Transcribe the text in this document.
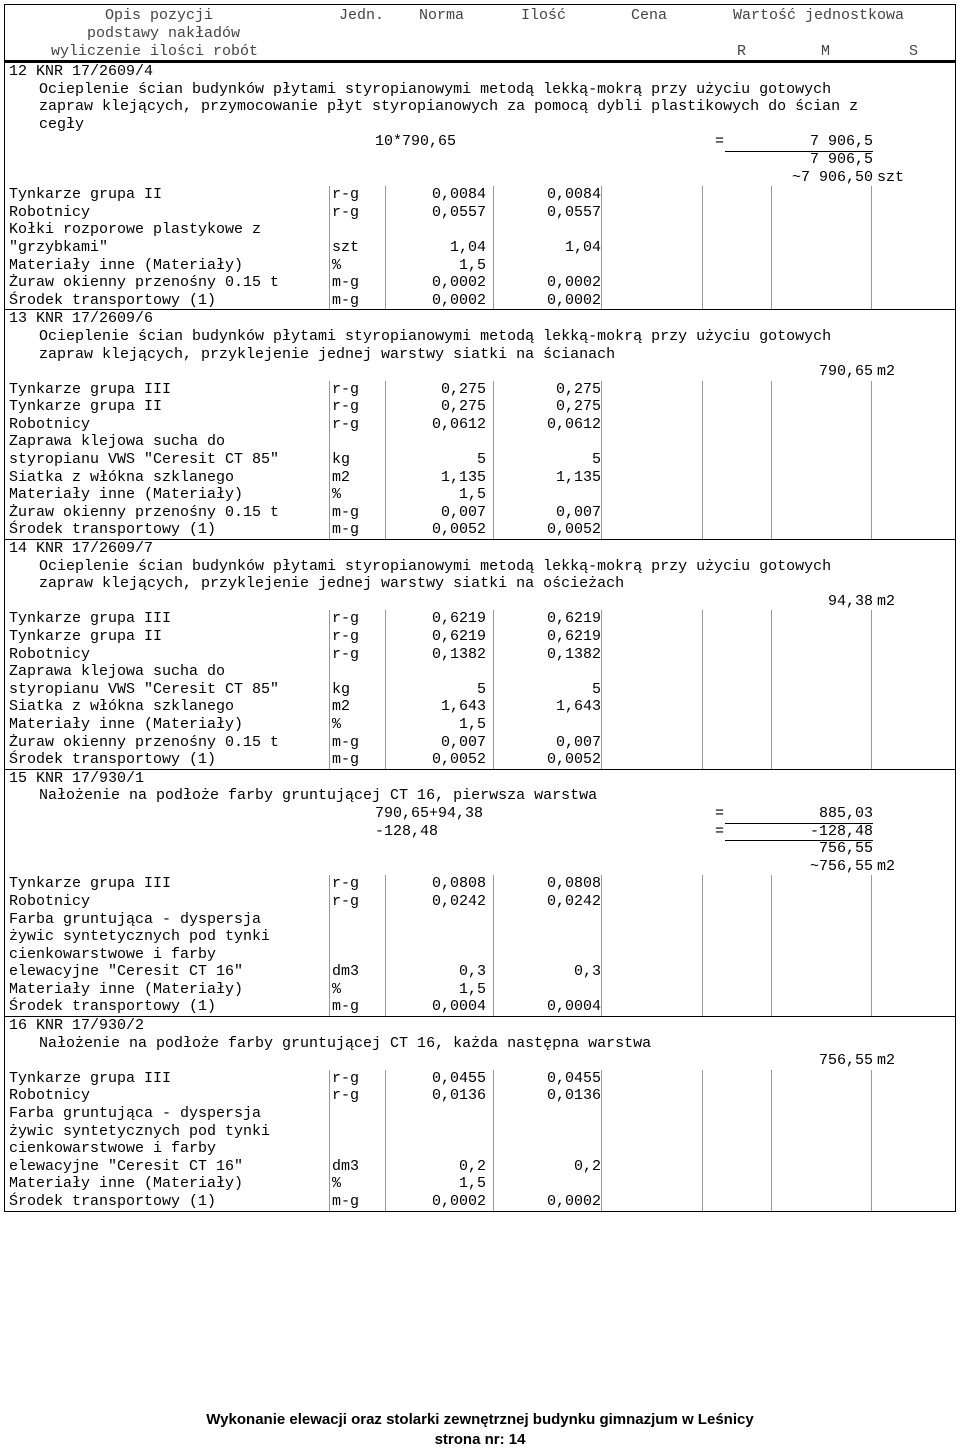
Opis pozycji
podstawy nakładów
wyliczenie ilości robót
Jedn. Norma	Ilość	Cena	Wartość jednostkowa
R	M	S
12 KNR 17/2609/4
Ocieplenie ścian budynków płytami styropianowymi metodą lekką-mokrą przy użyciu gotowych
zapraw klejących, przymocowanie płyt styropianowych za pomocą dybli plastikowych do ścian z
cegły
10*790,65	=	7 906,5
7 906,5
~7 906,50 szt
Tynkarze grupa II	r-g	0,0084	0,0084
Robotnicy	r-g	0,0557	0,0557
Kołki rozporowe plastykowe z
"grzybkami"	szt	1,04	1,04
Materiały inne (Materiały)	%	1,5
Żuraw okienny przenośny 0.15 t	m-g	0,0002	0,0002
Środek transportowy (1)	m-g	0,0002	0,0002
13 KNR 17/2609/6
Ocieplenie ścian budynków płytami styropianowymi metodą lekką-mokrą przy użyciu gotowych
zapraw klejących, przyklejenie jednej warstwy siatki na ścianach
790,65 m2
Tynkarze grupa III	r-g	0,275	0,275
Tynkarze grupa II	r-g	0,275	0,275
Robotnicy	r-g	0,0612	0,0612
Zaprawa klejowa sucha do
styropianu VWS "Ceresit CT 85"	kg	5	5
Siatka z włókna szklanego	m2	1,135	1,135
Materiały inne (Materiały)	%	1,5
Żuraw okienny przenośny 0.15 t	m-g	0,007	0,007
Środek transportowy (1)	m-g	0,0052	0,0052
14 KNR 17/2609/7
Ocieplenie ścian budynków płytami styropianowymi metodą lekką-mokrą przy użyciu gotowych
zapraw klejących, przyklejenie jednej warstwy siatki na ościeżach
94,38 m2
Tynkarze grupa III	r-g	0,6219	0,6219
Tynkarze grupa II	r-g	0,6219	0,6219
Robotnicy	r-g	0,1382	0,1382
Zaprawa klejowa sucha do
styropianu VWS "Ceresit CT 85"	kg	5	5
Siatka z włókna szklanego	m2	1,643	1,643
Materiały inne (Materiały)	%	1,5
Żuraw okienny przenośny 0.15 t	m-g	0,007	0,007
Środek transportowy (1)	m-g	0,0052	0,0052
15 KNR 17/930/1
Nałożenie na podłoże farby gruntującej CT 16, pierwsza warstwa
790,65+94,38	=	885,03
-128,48	=	-128,48
756,55
~756,55 m2
Tynkarze grupa III	r-g	0,0808	0,0808
Robotnicy	r-g	0,0242	0,0242
Farba gruntująca - dyspersja
żywic syntetycznych pod tynki
cienkowarstwowe i farby
elewacyjne "Ceresit CT 16"	dm3	0,3	0,3
Materiały inne (Materiały)	%	1,5
Środek transportowy (1)	m-g	0,0004	0,0004
16 KNR 17/930/2
Nałożenie na podłoże farby gruntującej CT 16, każda następna warstwa
756,55 m2
Tynkarze grupa III	r-g	0,0455	0,0455
Robotnicy	r-g	0,0136	0,0136
Farba gruntująca - dyspersja
żywic syntetycznych pod tynki
cienkowarstwowe i farby
elewacyjne "Ceresit CT 16"	dm3	0,2	0,2
Materiały inne (Materiały)	%	1,5
Środek transportowy (1)	m-g	0,0002	0,0002
Wykonanie elewacji oraz stolarki zewnętrznej budynku gimnazjum w Leśnicy
strona nr: 14
